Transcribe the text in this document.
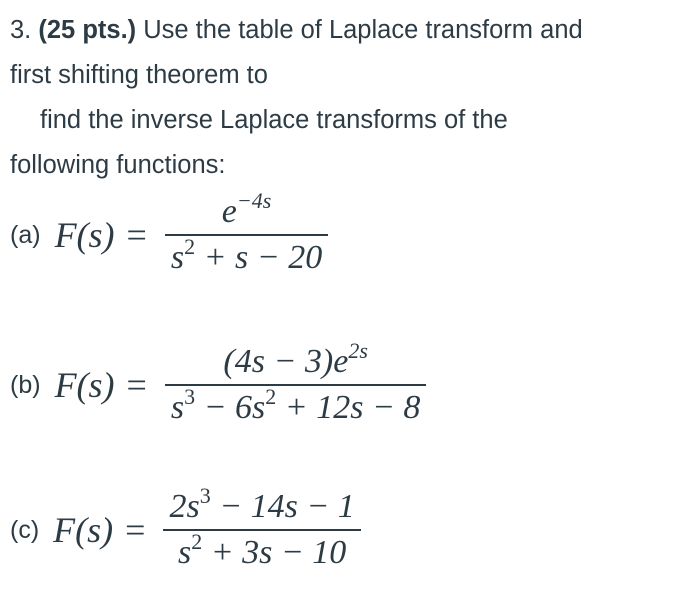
3. (25 pts.) Use the table of Laplace transform and

first shifting theorem to

find the inverse Laplace transforms of the

following functions:

(a) $F(s) = \frac{e^{-4s}}{s^2 + s - 20}$
(b) $F(s) = \frac{(4s - 3)e^{2s}}{s^3 - 6s^2 + 12s - 8}$
(c) $F(s) = \frac{2s^3 - 14s - 1}{s^2 + 3s - 10}$
